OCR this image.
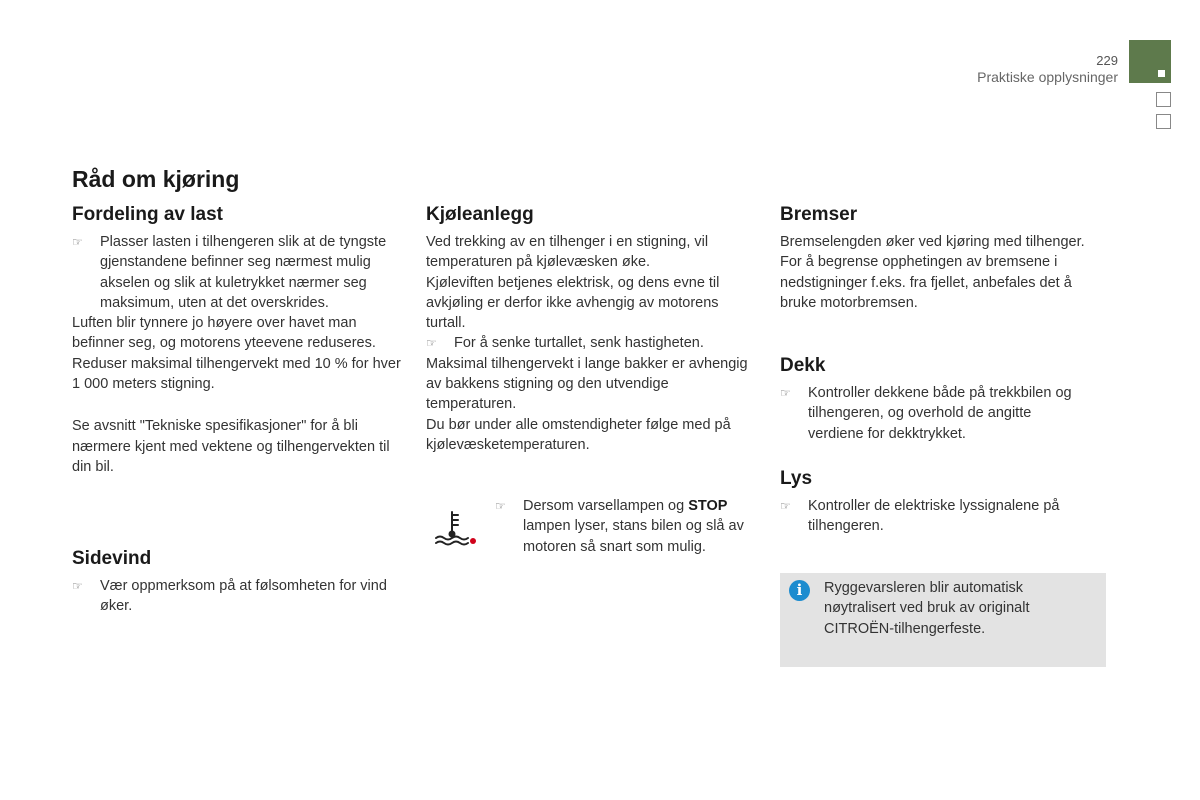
229
Praktiske opplysninger
Råd om kjøring
Fordeling av last
☞	Plasser lasten i tilhengeren slik at de tyngste gjenstandene befinner seg nærmest mulig akselen og slik at kuletrykket nærmer seg maksimum, uten at det overskrides.
Luften blir tynnere jo høyere over havet man befinner seg, og motorens yteevene reduseres. Reduser maksimal tilhengervekt med 10 % for hver 1 000 meters stigning.
Se avsnitt "Tekniske spesifikasjoner" for å bli nærmere kjent med vektene og tilhengervekten til din bil.
Sidevind
☞	Vær oppmerksom på at følsomheten for vind øker.
Kjøleanlegg
Ved trekking av en tilhenger i en stigning, vil temperaturen på kjølevæsken øke.
Kjøleviften betjenes elektrisk, og dens evne til avkjøling er derfor ikke avhengig av motorens turtall.
☞	For å senke turtallet, senk hastigheten.
Maksimal tilhengervekt i lange bakker er avhengig av bakkens stigning og den utvendige temperaturen.
Du bør under alle omstendigheter følge med på kjølevæsketemperaturen.
☞	Dersom varsellampen og STOP lampen lyser, stans bilen og slå av motoren så snart som mulig.
Bremser
Bremselengden øker ved kjøring med tilhenger. For å begrense opphetingen av bremsene i nedstigninger f.eks. fra fjellet, anbefales det å bruke motorbremsen.
Dekk
☞	Kontroller dekkene både på trekkbilen og tilhengeren, og overhold de angitte verdiene for dekktrykket.
Lys
☞	Kontroller de elektriske lyssignalene på tilhengeren.
i	Ryggevarsleren blir automatisk nøytralisert ved bruk av originalt CITROËN-tilhengerfeste.
